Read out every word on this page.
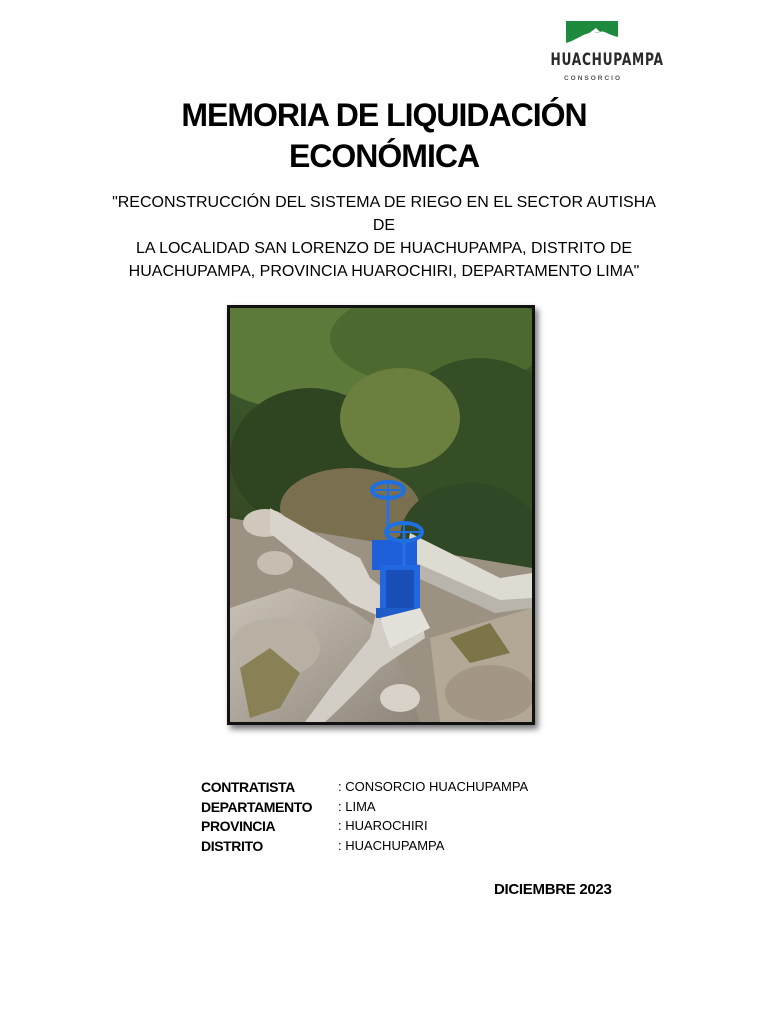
HUACHUPAMPA
CONSORCIO
MEMORIA DE LIQUIDACIÓN
ECONÓMICA
"RECONSTRUCCIÓN DEL SISTEMA DE RIEGO EN EL SECTOR AUTISHA DE
LA LOCALIDAD SAN LORENZO DE HUACHUPAMPA, DISTRITO DE
HUACHUPAMPA, PROVINCIA HUAROCHIRI, DEPARTAMENTO LIMA"
CONTRATISTA	: CONSORCIO HUACHUPAMPA
DEPARTAMENTO : LIMA
PROVINCIA	: HUAROCHIRI
DISTRITO	: HUACHUPAMPA
DICIEMBRE 2023
